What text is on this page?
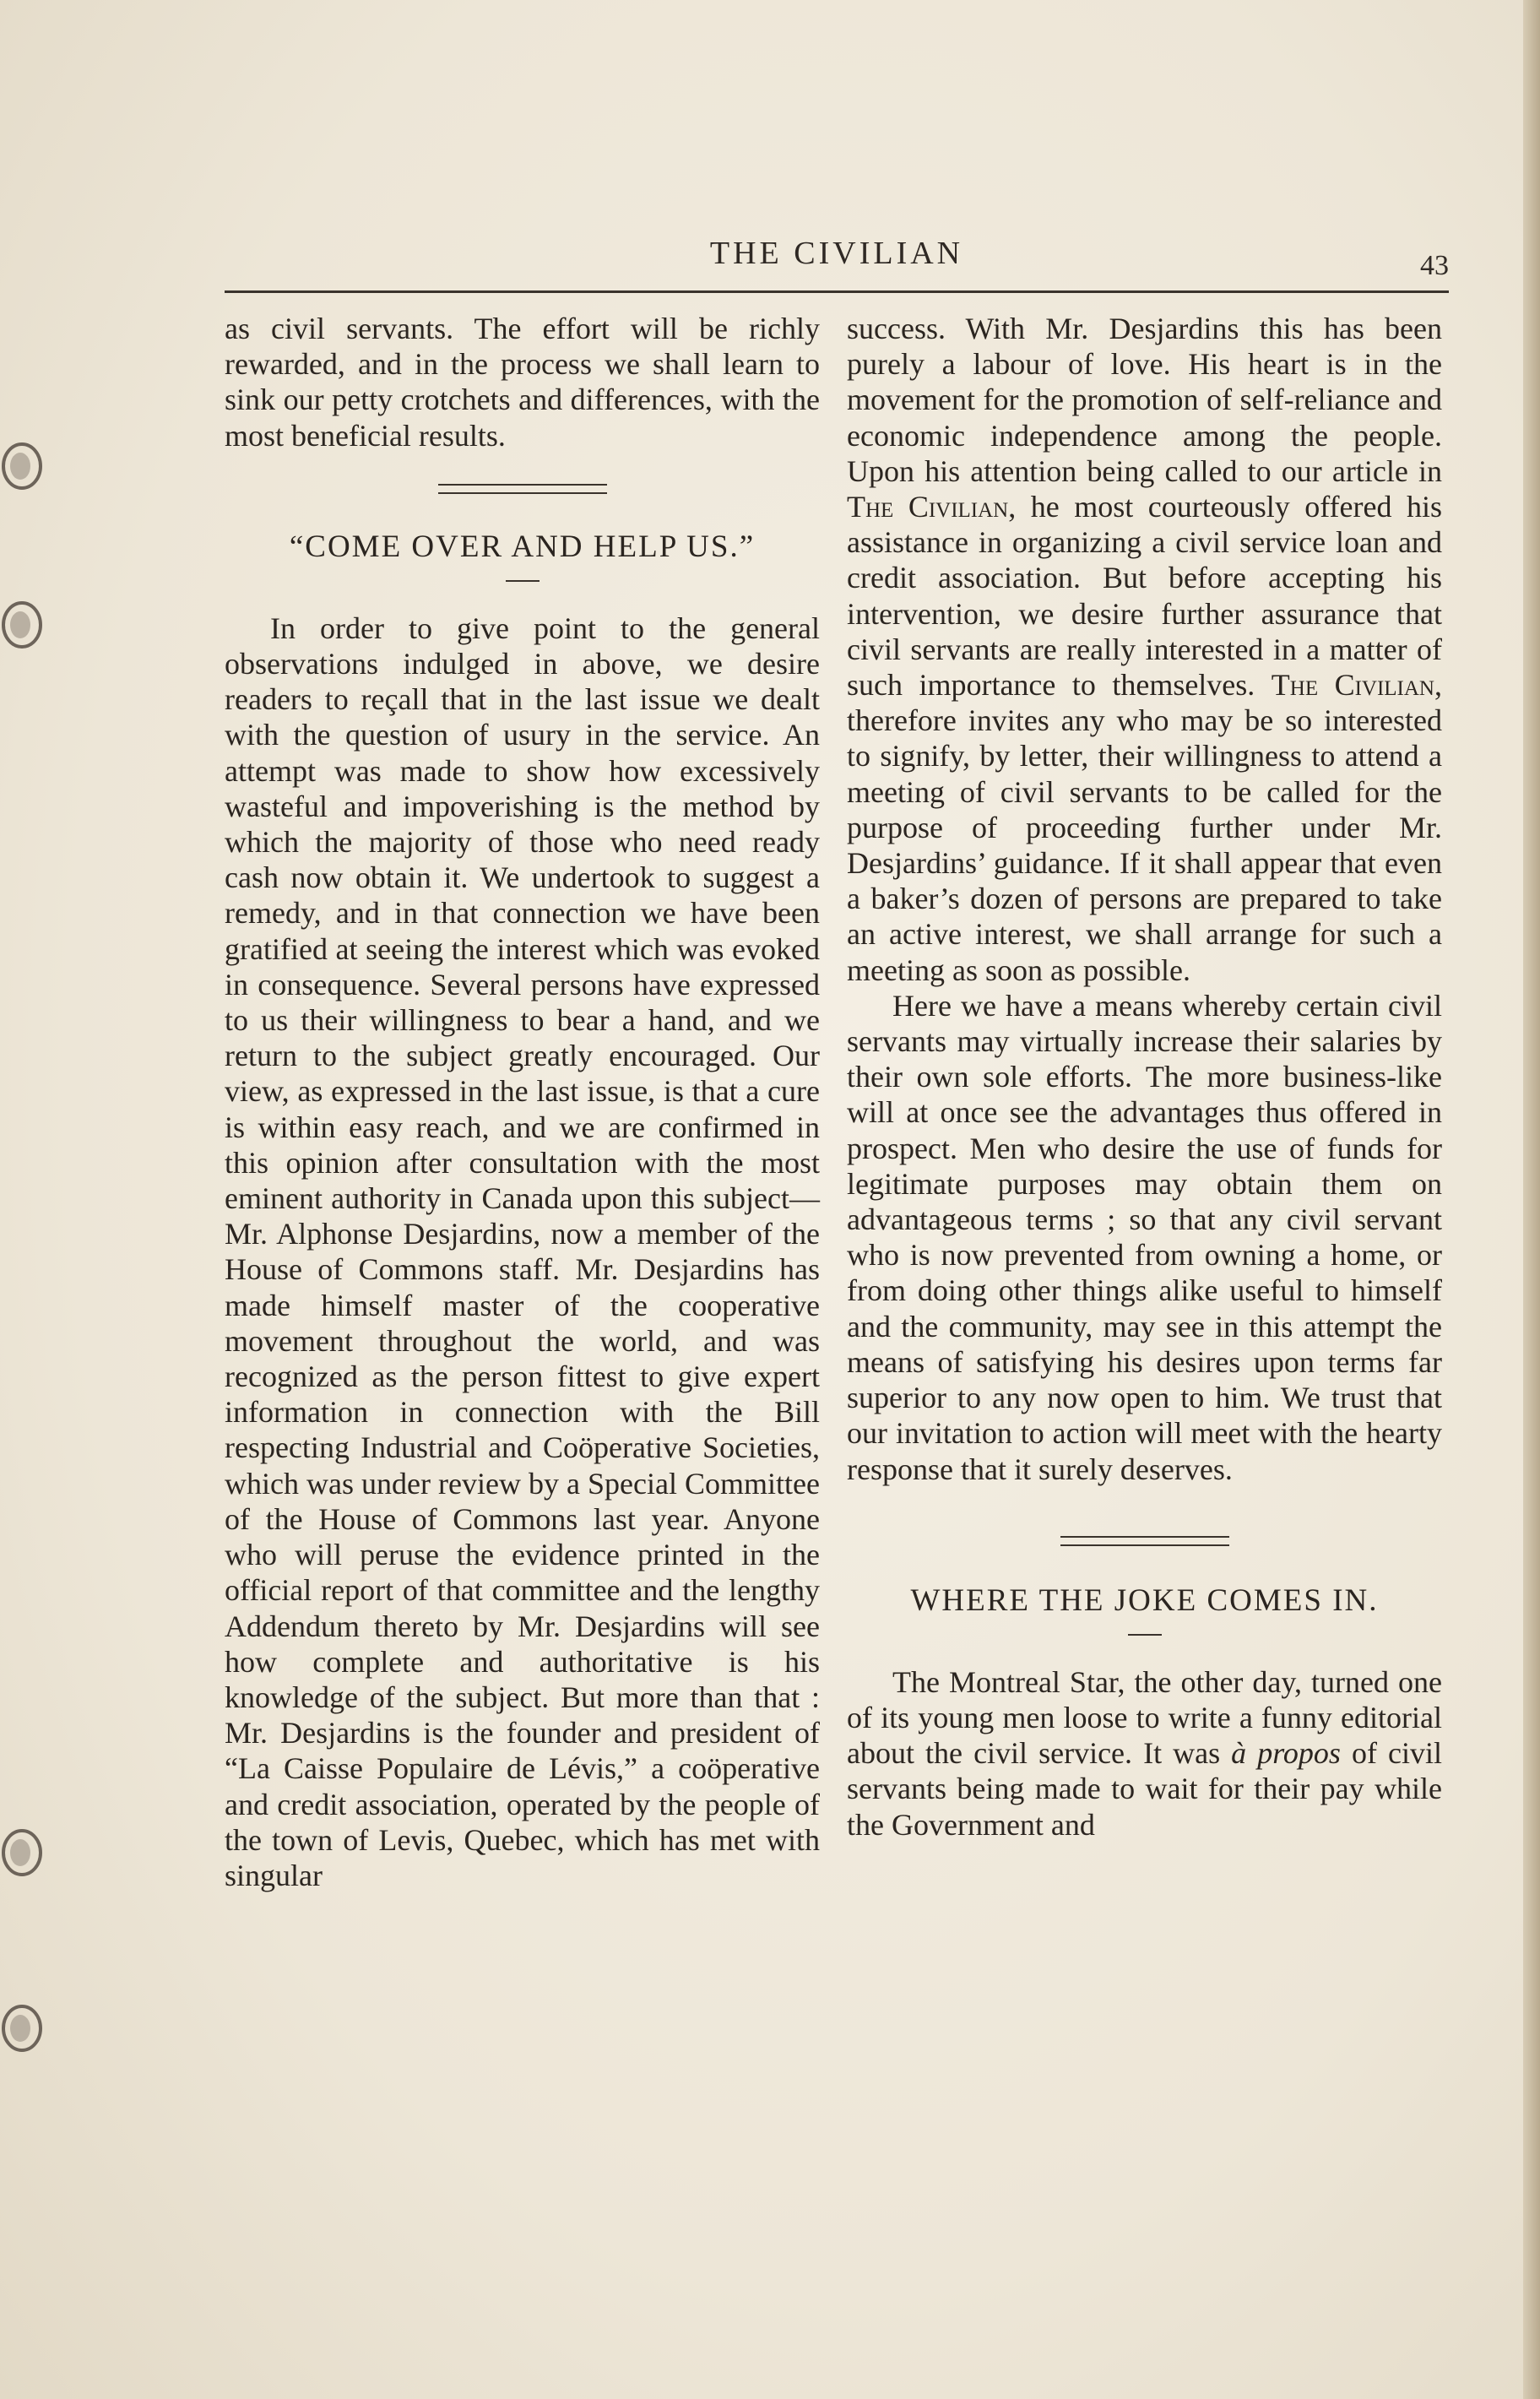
THE CIVILIAN	43

as civil servants. The effort will be richly rewarded, and in the process we shall learn to sink our petty crotchets and differences, with the most beneficial results.

“COME OVER AND HELP US.”

In order to give point to the general observations indulged in above, we desire readers to reçall that in the last issue we dealt with the question of usury in the service. An attempt was made to show how excessively wasteful and impoverishing is the method by which the majority of those who need ready cash now obtain it. We undertook to suggest a remedy, and in that connection we have been gratified at seeing the interest which was evoked in consequence. Several persons have expressed to us their willingness to bear a hand, and we return to the subject greatly encouraged. Our view, as expressed in the last issue, is that a cure is within easy reach, and we are confirmed in this opinion after consultation with the most eminent authority in Canada upon this subject—Mr. Alphonse Desjardins, now a member of the House of Commons staff. Mr. Desjardins has made himself master of the cooperative movement throughout the world, and was recognized as the person fittest to give expert information in connection with the Bill respecting Industrial and Coöperative Societies, which was under review by a Special Committee of the House of Commons last year. Anyone who will peruse the evidence printed in the official report of that committee and the lengthy Addendum thereto by Mr. Desjardins will see how complete and authoritative is his knowledge of the subject. But more than that : Mr. Desjardins is the founder and president of “La Caisse Populaire de Lévis,” a coöperative and credit association, operated by the people of the town of Levis, Quebec, which has met with singular

success. With Mr. Desjardins this has been purely a labour of love. His heart is in the movement for the promotion of self-reliance and economic independence among the people. Upon his attention being called to our article in The Civilian, he most courteously offered his assistance in organizing a civil service loan and credit association. But before accepting his intervention, we desire further assurance that civil servants are really interested in a matter of such importance to themselves. The Civilian, therefore invites any who may be so interested to signify, by letter, their willingness to attend a meeting of civil servants to be called for the purpose of proceeding further under Mr. Desjardins’ guidance. If it shall appear that even a baker’s dozen of persons are prepared to take an active interest, we shall arrange for such a meeting as soon as possible.

Here we have a means whereby certain civil servants may virtually increase their salaries by their own sole efforts. The more business-like will at once see the advantages thus offered in prospect. Men who desire the use of funds for legitimate purposes may obtain them on advantageous terms ; so that any civil servant who is now prevented from owning a home, or from doing other things alike useful to himself and the community, may see in this attempt the means of satisfying his desires upon terms far superior to any now open to him. We trust that our invitation to action will meet with the hearty response that it surely deserves.

WHERE THE JOKE COMES IN.

The Montreal Star, the other day, turned one of its young men loose to write a funny editorial about the civil service. It was à propos of civil servants being made to wait for their pay while the Government and
